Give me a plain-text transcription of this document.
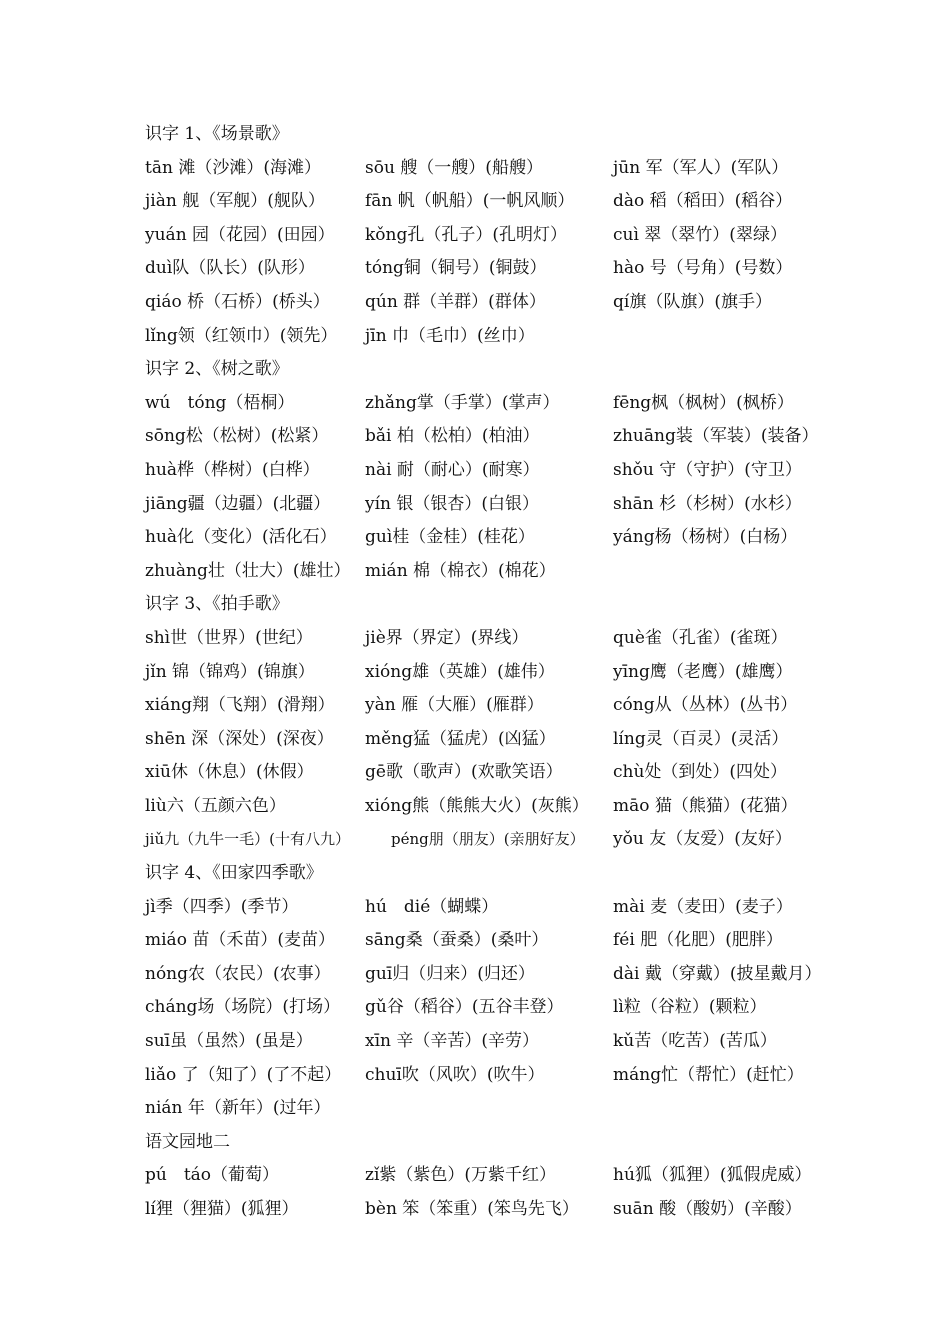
识字 1、《场景歌》
tān 滩（沙滩）(海滩）	sōu 艘（一艘）(船艘）	jūn 军（军人）(军队）
jiàn 舰（军舰）(舰队） fān 帆（帆船）(一帆风顺） dào 稻（稻田）(稻谷）
yuán 园（花园）(田园） kǒng孔（孔子）(孔明灯）	cuì 翠（翠竹）(翠绿）
duì队（队长）(队形）	tóng铜（铜号）(铜鼓）	hào 号（号角）(号数）
qiáo 桥（石桥）(桥头） qún 群（羊群）(群体）	qí旗（队旗）(旗手）
lǐng领（红领巾）(领先） jīn 巾（毛巾）(丝巾）
识字 2、《树之歌》
wú　tóng（梧桐）	zhǎng掌（手掌）(掌声）	fēng枫（枫树）(枫桥）
sōng松（松树）(松紧） bǎi 柏（松柏）(柏油）	zhuāng装（军装）(装备）
huà桦（桦树）(白桦）	nài 耐（耐心）(耐寒）	shǒu 守（守护）(守卫）
jiāng疆（边疆）(北疆） yín 银（银杏）(白银）	shān 杉（杉树）(水杉）
huà化（变化）(活化石） guì桂（金桂）(桂花）	yáng杨（杨树）(白杨）
zhuàng壮（壮大）(雄壮） mián 棉（棉衣）(棉花）
识字 3、《拍手歌》
shì世（世界）(世纪）	jiè界（界定）(界线）	què雀（孔雀）(雀斑）
jǐn 锦（锦鸡）(锦旗）	xióng雄（英雄）(雄伟）	yīng鹰（老鹰）(雄鹰）
xiáng翔（飞翔）(滑翔） yàn 雁（大雁）(雁群）	cóng从（丛林）(丛书）
shēn 深（深处）(深夜） měng猛（猛虎）(凶猛）	líng灵（百灵）(灵活）
xiū休（休息）(休假）	gē歌（歌声）(欢歌笑语）	chù处（到处）(四处）
liù六（五颜六色）	xióng熊（熊熊大火）(灰熊） māo 猫（熊猫）(花猫）
jiǔ九（九牛一毛）(十有八九）	péng朋（朋友）(亲朋好友） yǒu 友（友爱）(友好）
识字 4、《田家四季歌》
jì季（四季）(季节）	hú　dié（蝴蝶）	mài 麦（麦田）(麦子）
miáo 苗（禾苗）(麦苗） sāng桑（蚕桑）(桑叶）	féi 肥（化肥）(肥胖）
nóng农（农民）(农事） guī归（归来）(归还）	dài 戴（穿戴）(披星戴月）
cháng场（场院）(打场） gǔ谷（稻谷）(五谷丰登）	lì粒（谷粒）(颗粒）
suī虽（虽然）(虽是）	xīn 辛（辛苦）(辛劳）	kǔ苦（吃苦）(苦瓜）
liǎo 了（知了）(了不起） chuī吹（风吹）(吹牛）	máng忙（帮忙）(赶忙）
nián 年（新年）(过年）
语文园地二
pú　táo（葡萄）	zǐ紫（紫色）(万紫千红）	hú狐（狐狸）(狐假虎威）
lí狸（狸猫）(狐狸）	bèn 笨（笨重）(笨鸟先飞） suān 酸（酸奶）(辛酸）
